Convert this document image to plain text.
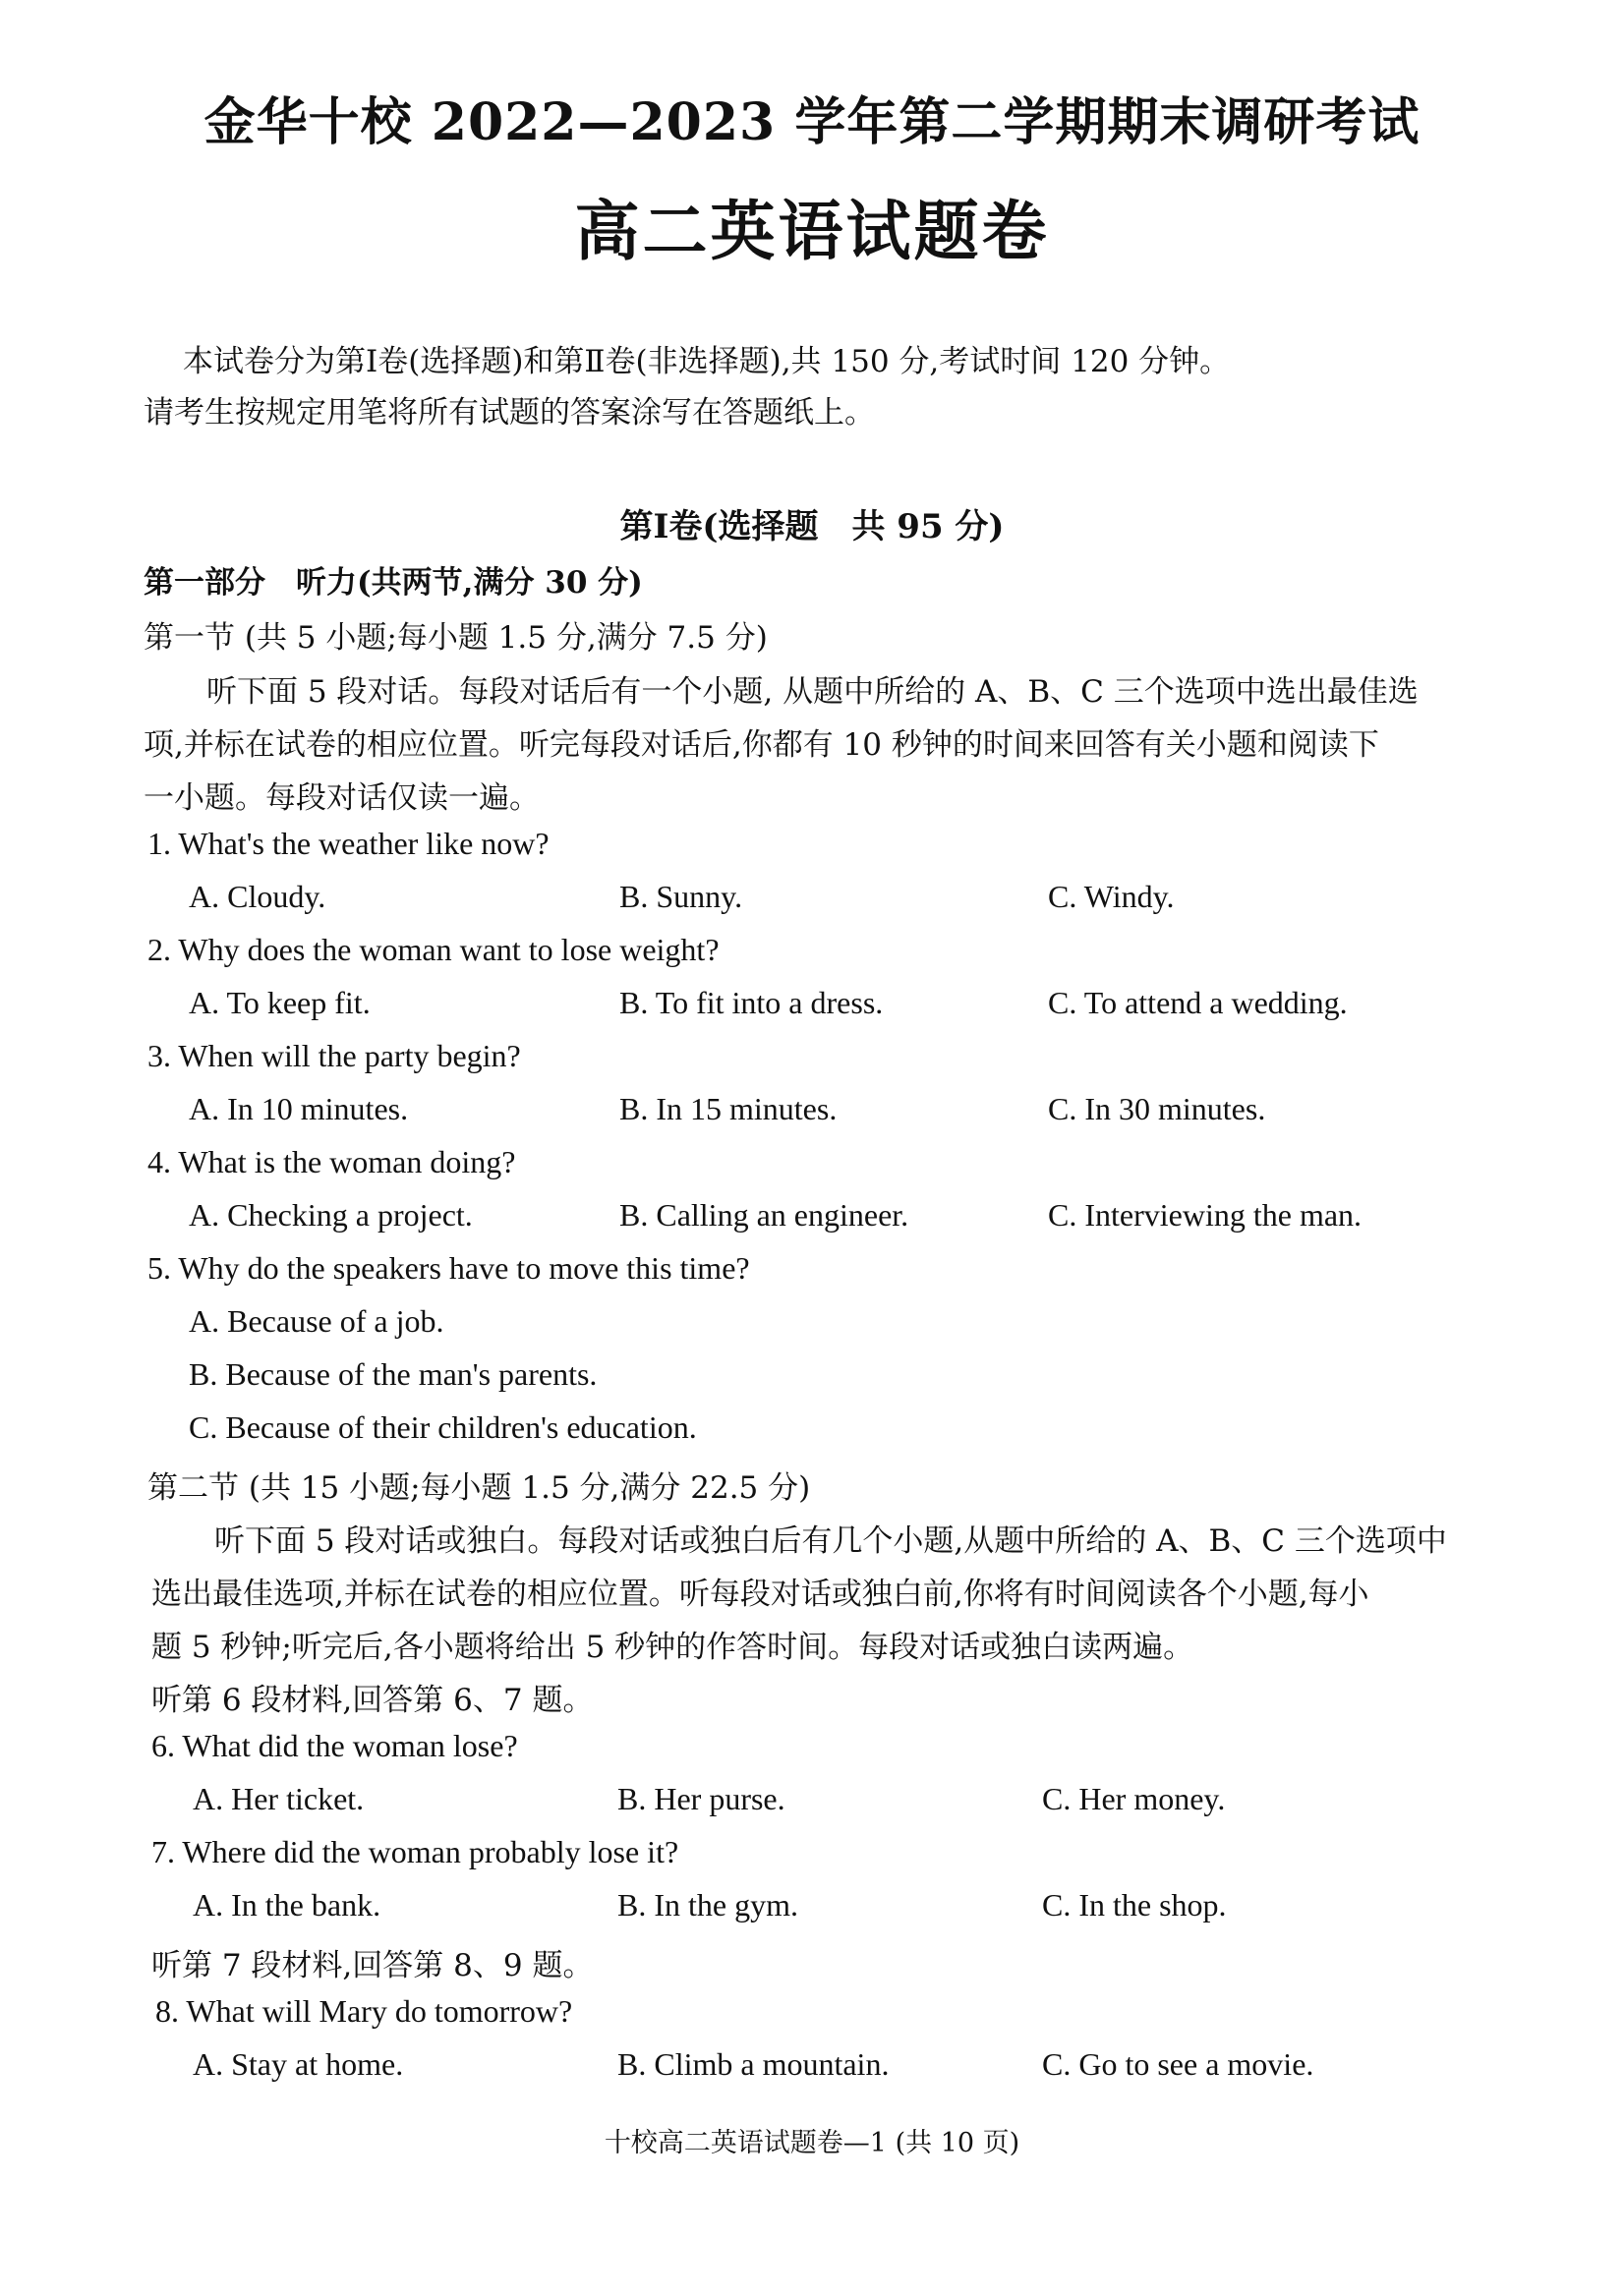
金华十校 2022—2023 学年第二学期期末调研考试
高二英语试题卷
本试卷分为第Ⅰ卷(选择题)和第Ⅱ卷(非选择题),共 150 分,考试时间 120 分钟。
请考生按规定用笔将所有试题的答案涂写在答题纸上。
第Ⅰ卷(选择题　共 95 分)
第一部分　听力(共两节,满分 30 分)
第一节 (共 5 小题;每小题 1.5 分,满分 7.5 分)
听下面 5 段对话。每段对话后有一个小题, 从题中所给的 A、B、C 三个选项中选出最佳选
项,并标在试卷的相应位置。听完每段对话后,你都有 10 秒钟的时间来回答有关小题和阅读下
一小题。每段对话仅读一遍。
1. What's the weather like now?
A. Cloudy.	B. Sunny.	C. Windy.
2. Why does the woman want to lose weight?
A. To keep fit.	B. To fit into a dress.	C. To attend a wedding.
3. When will the party begin?
A. In 10 minutes.	B. In 15 minutes.	C. In 30 minutes.
4. What is the woman doing?
A. Checking a project.	B. Calling an engineer.	C. Interviewing the man.
5. Why do the speakers have to move this time?
A. Because of a job.
B. Because of the man's parents.
C. Because of their children's education.
第二节 (共 15 小题;每小题 1.5 分,满分 22.5 分)
听下面 5 段对话或独白。每段对话或独白后有几个小题,从题中所给的 A、B、C 三个选项中
选出最佳选项,并标在试卷的相应位置。听每段对话或独白前,你将有时间阅读各个小题,每小
题 5 秒钟;听完后,各小题将给出 5 秒钟的作答时间。每段对话或独白读两遍。
听第 6 段材料,回答第 6、7 题。
6. What did the woman lose?
A. Her ticket.	B. Her purse.	C. Her money.
7. Where did the woman probably lose it?
A. In the bank.	B. In the gym.	C. In the shop.
听第 7 段材料,回答第 8、9 题。
8. What will Mary do tomorrow?
A. Stay at home.	B. Climb a mountain.	C. Go to see a movie.
十校高二英语试题卷—1 (共 10 页)
